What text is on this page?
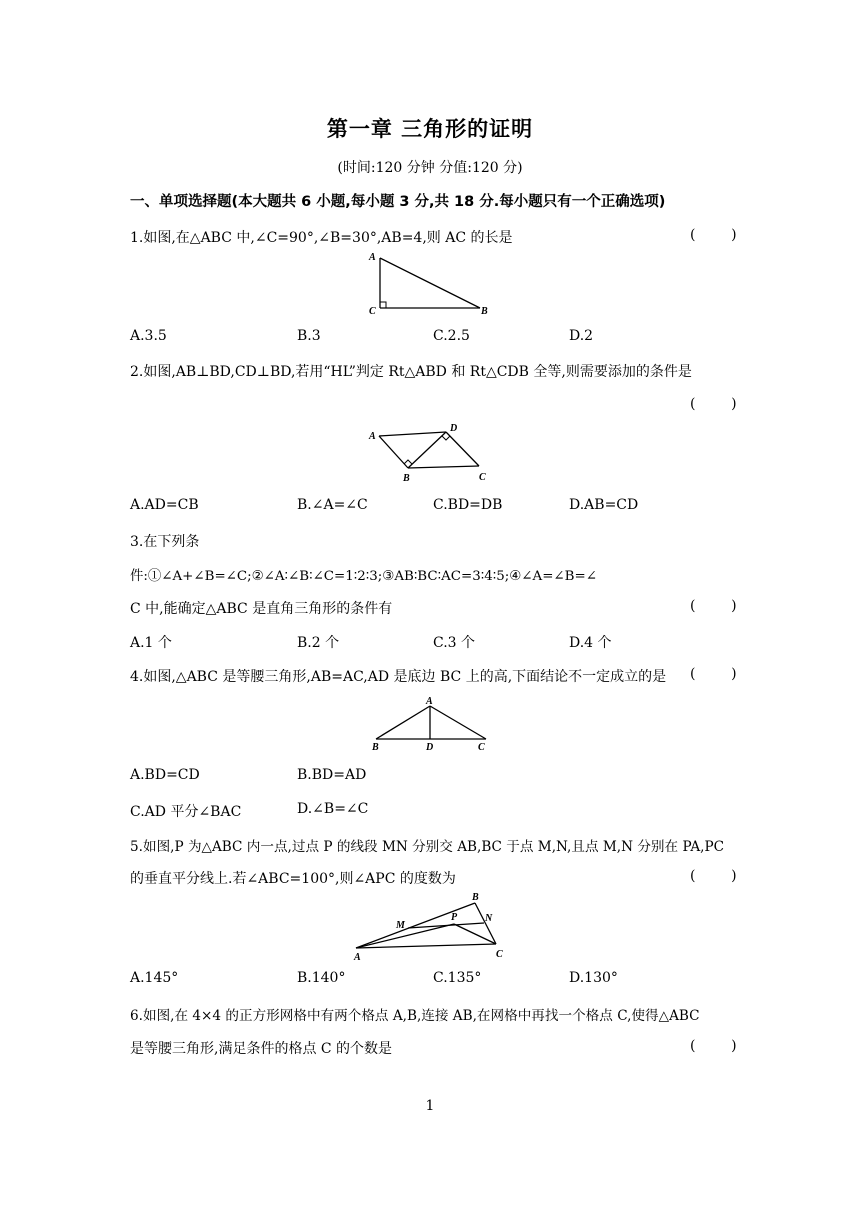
第一章 三角形的证明
(时间:120 分钟 分值:120 分)
一、单项选择题(本大题共 6 小题,每小题 3 分,共 18 分.每小题只有一个正确选项)
1.如图,在△ABC 中,∠C=90°,∠B=30°,AB=4,则 AC 的长是	(        )
A
C	B
A.3.5	B.3	C.2.5	D.2
2.如图,AB⊥BD,CD⊥BD,若用“HL”判定 Rt△ABD 和 Rt△CDB 全等,则需要添加的条件是
(        )
A
D
B	C
A.AD=CB	B.∠A=∠C	C.BD=DB	D.AB=CD
3.在下列条
件:①∠A+∠B=∠C;②∠A∶∠B∶∠C=1∶2∶3;③AB∶BC∶AC=3∶4∶5;④∠A=∠B=∠
C 中,能确定△ABC 是直角三角形的条件有	(        )
A.1 个	B.2 个	C.3 个	D.4 个
4.如图,△ABC 是等腰三角形,AB=AC,AD 是底边 BC 上的高,下面结论不一定成立的是 (        )
A
B	D	C
A.BD=CD	B.BD=AD
C.AD 平分∠BAC	D.∠B=∠C
5.如图,P 为△ABC 内一点,过点 P 的线段 MN 分别交 AB,BC 于点 M,N,且点 M,N 分别在 PA,PC
的垂直平分线上.若∠ABC=100°,则∠APC 的度数为	(        )
B
M
P	N
A	C
A.145°	B.140°	C.135°	D.130°
6.如图,在 4×4 的正方形网格中有两个格点 A,B,连接 AB,在网格中再找一个格点 C,使得△ABC
是等腰三角形,满足条件的格点 C 的个数是	(        )
1
